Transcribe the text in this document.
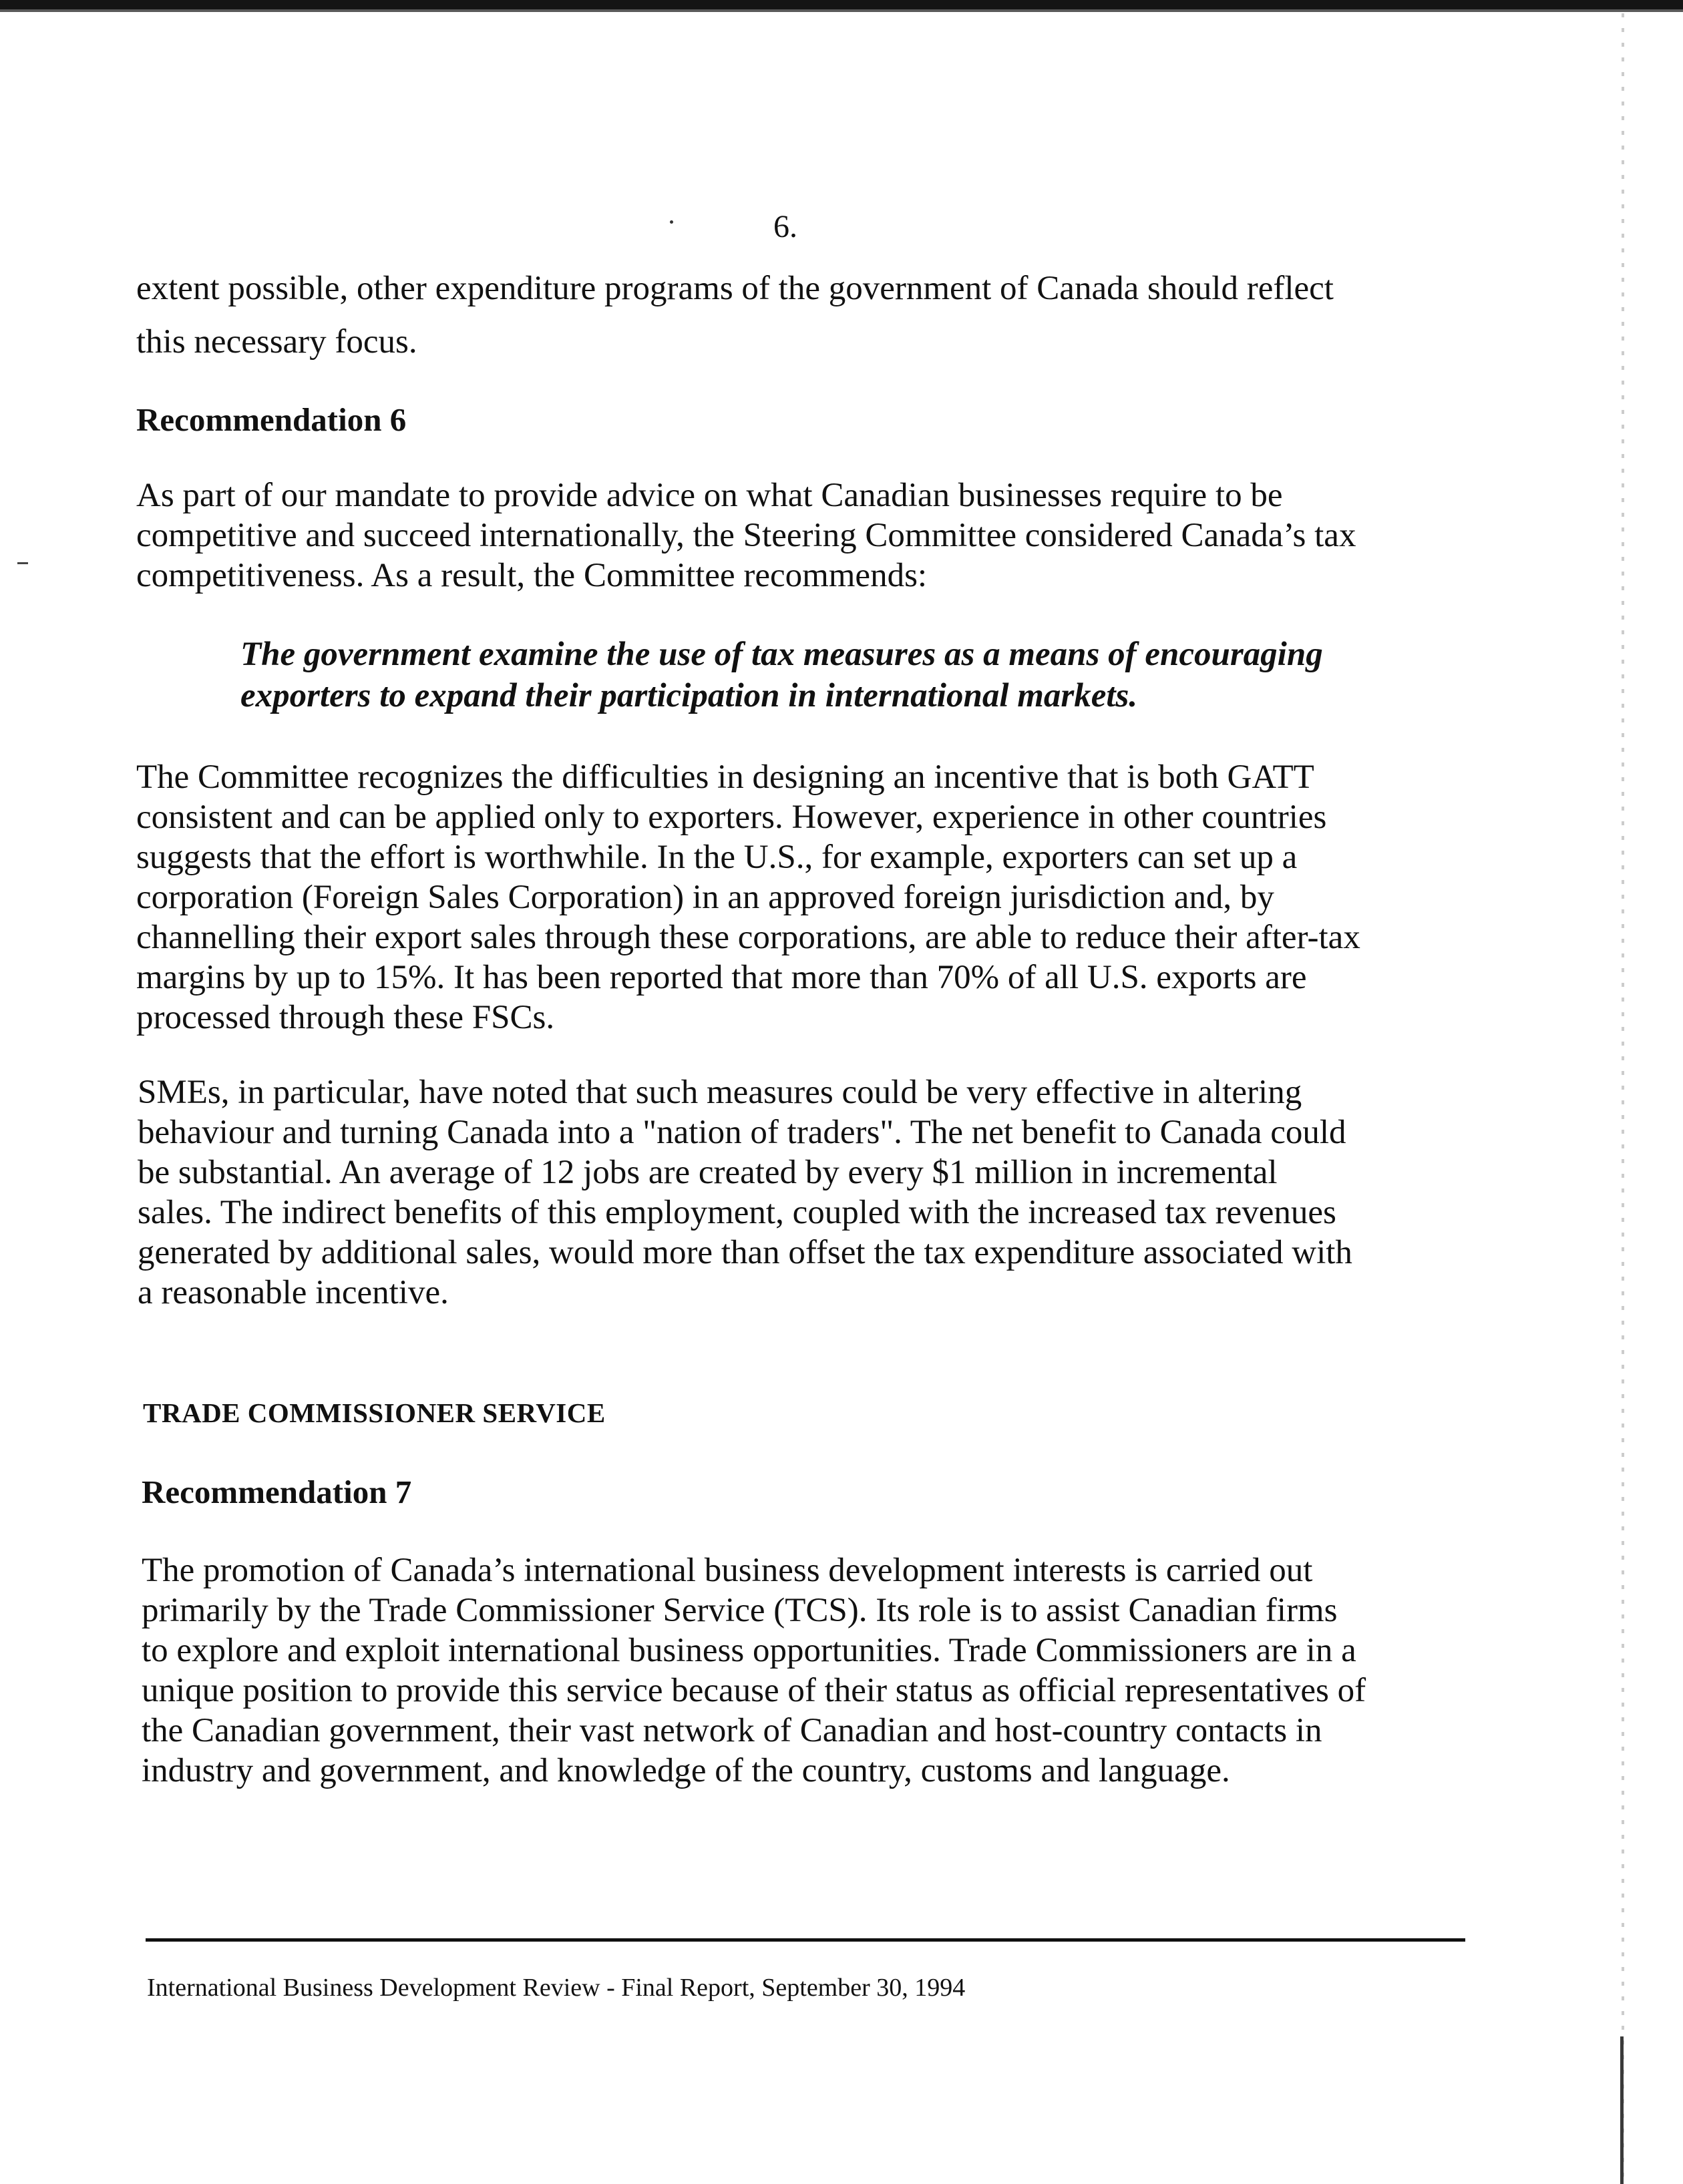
6.

extent possible, other expenditure programs of the government of Canada should reflect

this necessary focus.

Recommendation 6

As part of our mandate to provide advice on what Canadian businesses require to be

competitive and succeed internationally, the Steering Committee considered Canada’s tax

competitiveness. As a result, the Committee recommends:

The government examine the use of tax measures as a means of encouraging

exporters to expand their participation in international markets.

The Committee recognizes the difficulties in designing an incentive that is both GATT

consistent and can be applied only to exporters. However, experience in other countries

suggests that the effort is worthwhile. In the U.S., for example, exporters can set up a

corporation (Foreign Sales Corporation) in an approved foreign jurisdiction and, by

channelling their export sales through these corporations, are able to reduce their after-tax

margins by up to 15%. It has been reported that more than 70% of all U.S. exports are

processed through these FSCs.

SMEs, in particular, have noted that such measures could be very effective in altering

behaviour and turning Canada into a "nation of traders". The net benefit to Canada could

be substantial. An average of 12 jobs are created by every $1 million in incremental

sales. The indirect benefits of this employment, coupled with the increased tax revenues

generated by additional sales, would more than offset the tax expenditure associated with

a reasonable incentive.

TRADE COMMISSIONER SERVICE
Recommendation 7

The promotion of Canada’s international business development interests is carried out

primarily by the Trade Commissioner Service (TCS). Its role is to assist Canadian firms

to explore and exploit international business opportunities. Trade Commissioners are in a

unique position to provide this service because of their status as official representatives of

the Canadian government, their vast network of Canadian and host-country contacts in

industry and government, and knowledge of the country, customs and language.

International Business Development Review - Final Report, September 30, 1994
